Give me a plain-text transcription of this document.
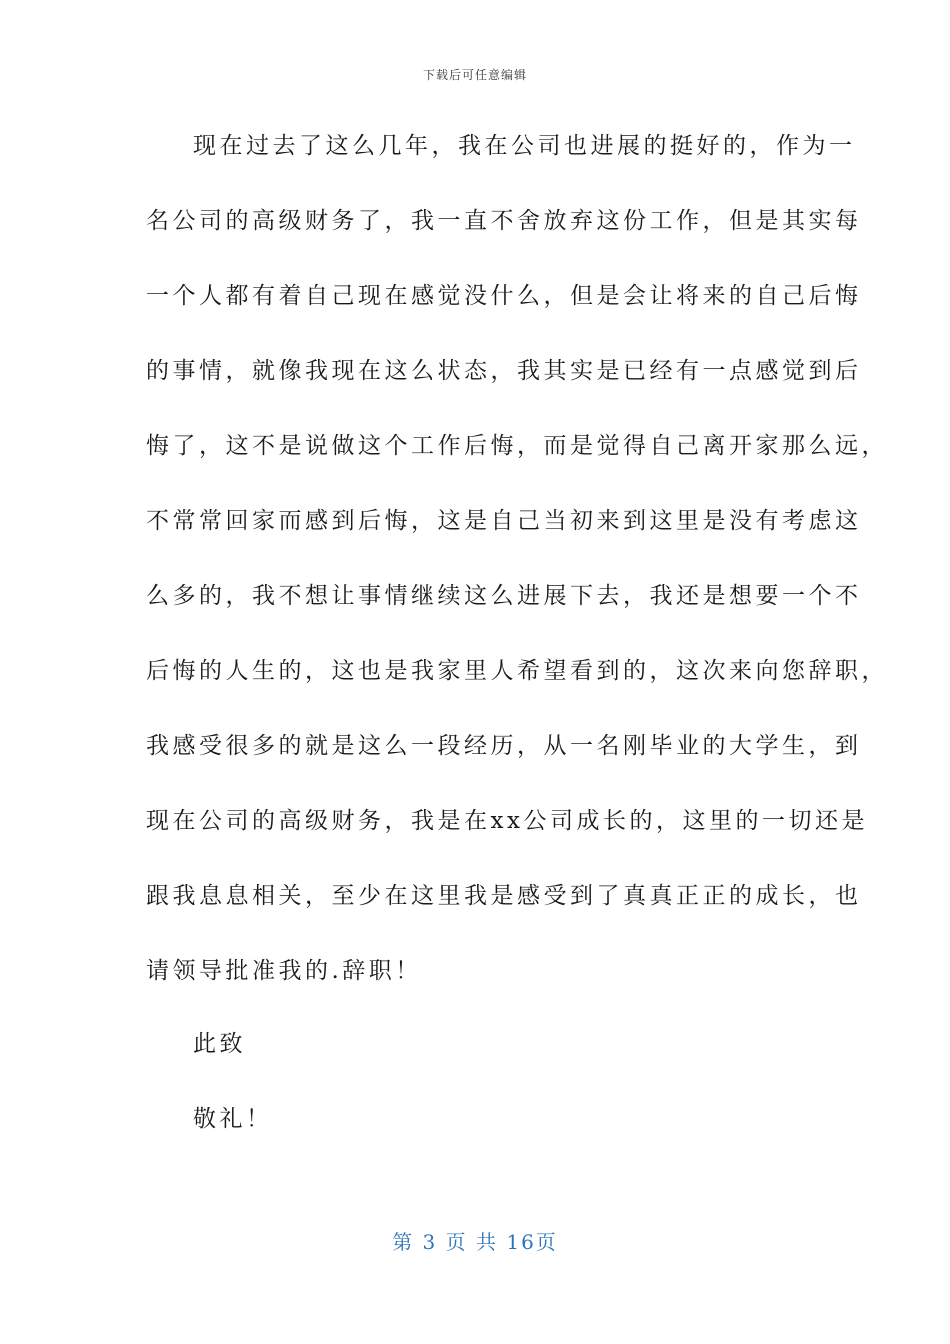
下载后可任意编辑
现在过去了这么几年，我在公司也进展的挺好的，作为一
名公司的高级财务了，我一直不舍放弃这份工作，但是其实每
一个人都有着自己现在感觉没什么，但是会让将来的自己后悔
的事情，就像我现在这么状态，我其实是已经有一点感觉到后
悔了，这不是说做这个工作后悔，而是觉得自己离开家那么远，
不常常回家而感到后悔，这是自己当初来到这里是没有考虑这
么多的，我不想让事情继续这么进展下去，我还是想要一个不
后悔的人生的，这也是我家里人希望看到的，这次来向您辞职，
我感受很多的就是这么一段经历，从一名刚毕业的大学生，到
现在公司的高级财务，我是在xx公司成长的，这里的一切还是
跟我息息相关，至少在这里我是感受到了真真正正的成长，也
请领导批准我的.辞职！
此致
敬礼！
第 3 页 共 16页
